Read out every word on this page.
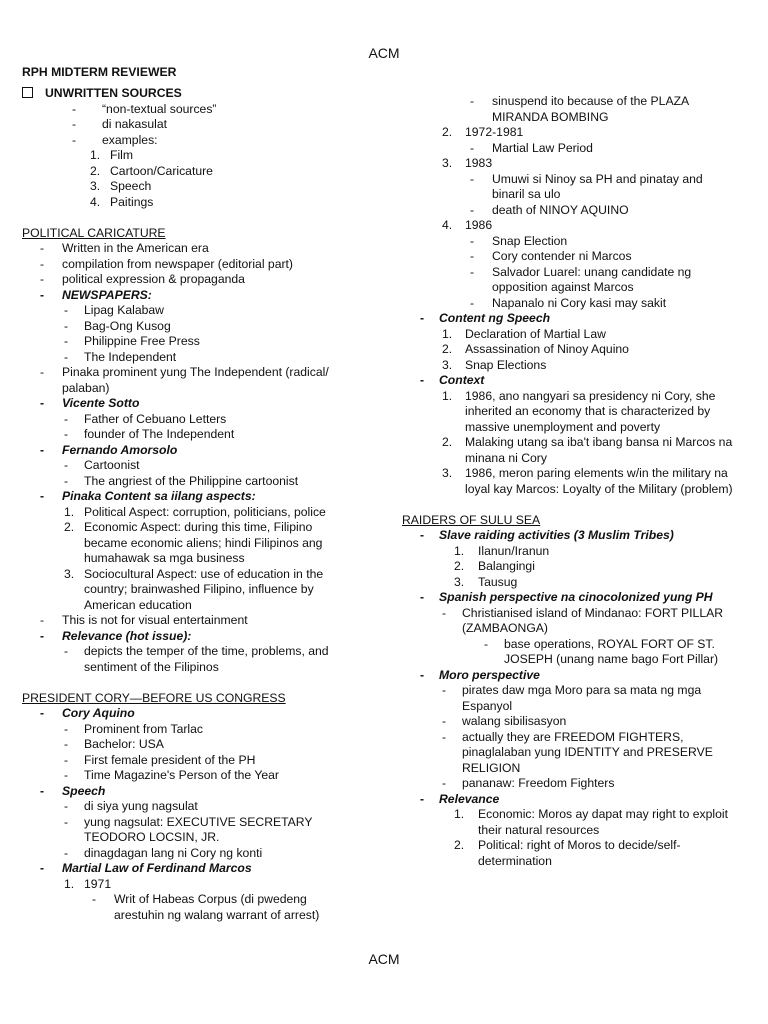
ACM
RPH MIDTERM REVIEWER
UNWRITTEN SOURCES
- “non-textual sources”
- di nakasulat
- examples:
1. Film
2. Cartoon/Caricature
3. Speech
4. Paitings
POLITICAL CARICATURE
- Written in the American era
- compilation from newspaper (editorial part)
- political expression & propaganda
- NEWSPAPERS:
- Lipag Kalabaw
- Bag-Ong Kusog
- Philippine Free Press
- The Independent
- Pinaka prominent yung The Independent (radical/
palaban)
- Vicente Sotto
- Father of Cebuano Letters
- founder of The Independent
- Fernando Amorsolo
- Cartoonist
- The angriest of the Philippine cartoonist
- Pinaka Content sa iilang aspects:
1. Political Aspect: corruption, politicians, police
2. Economic Aspect: during this time, Filipino
became economic aliens; hindi Filipinos ang
humahawak sa mga business
3. Sociocultural Aspect: use of education in the
country; brainwashed Filipino, influence by
American education
- This is not for visual entertainment
- Relevance (hot issue):
- depicts the temper of the time, problems, and
sentiment of the Filipinos
PRESIDENT CORY—BEFORE US CONGRESS
- Cory Aquino
- Prominent from Tarlac
- Bachelor: USA
- First female president of the PH
- Time Magazine's Person of the Year
- Speech
- di siya yung nagsulat
- yung nagsulat: EXECUTIVE SECRETARY
TEODORO LOCSIN, JR.
- dinagdagan lang ni Cory ng konti
- Martial Law of Ferdinand Marcos
1. 1971
- Writ of Habeas Corpus (di pwedeng
arestuhin ng walang warrant of arrest)
- sinuspend ito because of the PLAZA
MIRANDA BOMBING
2. 1972-1981
- Martial Law Period
3. 1983
- Umuwi si Ninoy sa PH and pinatay and
binaril sa ulo
- death of NINOY AQUINO
4. 1986
- Snap Election
- Cory contender ni Marcos
- Salvador Luarel: unang candidate ng
opposition against Marcos
- Napanalo ni Cory kasi may sakit
- Content ng Speech
1. Declaration of Martial Law
2. Assassination of Ninoy Aquino
3. Snap Elections
- Context
1. 1986, ano nangyari sa presidency ni Cory, she
inherited an economy that is characterized by
massive unemployment and poverty
2. Malaking utang sa iba't ibang bansa ni Marcos na
minana ni Cory
3. 1986, meron paring elements w/in the military na
loyal kay Marcos: Loyalty of the Military (problem)
RAIDERS OF SULU SEA
- Slave raiding activities (3 Muslim Tribes)
1. Ilanun/Iranun
2. Balangingi
3. Tausug
- Spanish perspective na cinocolonized yung PH
- Christianised island of Mindanao: FORT PILLAR
(ZAMBAONGA)
- base operations, ROYAL FORT OF ST.
JOSEPH (unang name bago Fort Pillar)
- Moro perspective
- pirates daw mga Moro para sa mata ng mga
Espanyol
- walang sibilisasyon
- actually they are FREEDOM FIGHTERS,
pinaglalaban yung IDENTITY and PRESERVE
RELIGION
- pananaw: Freedom Fighters
- Relevance
1. Economic: Moros ay dapat may right to exploit
their natural resources
2. Political: right of Moros to decide/self-
determination
ACM
